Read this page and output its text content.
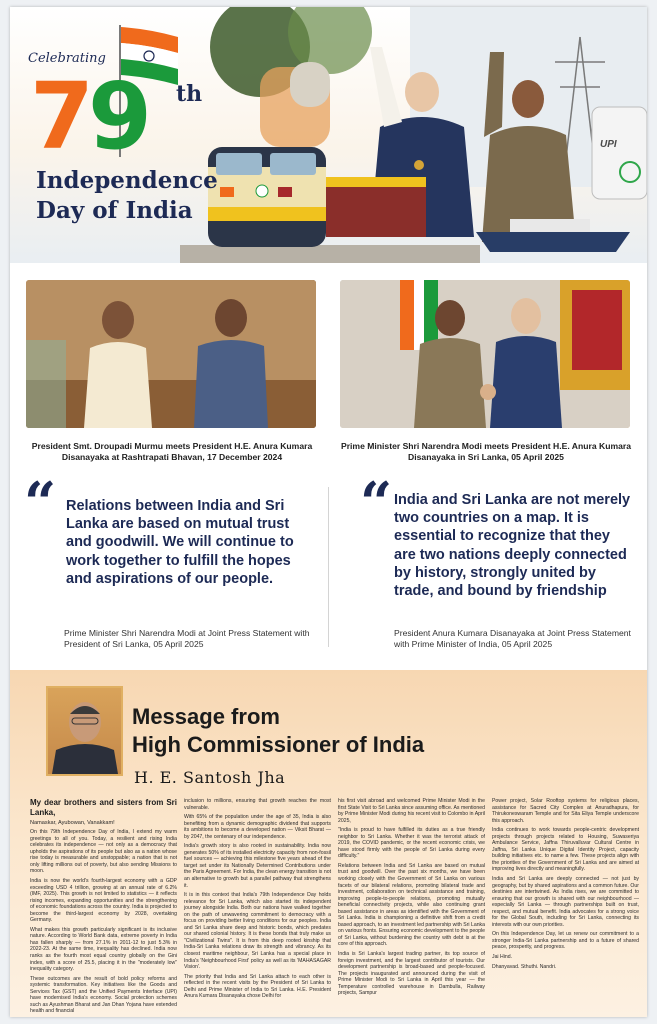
Celebrating
79 th
Independence
Day of India
UPI
President Smt. Droupadi Murmu meets President H.E. Anura Kumara Disanayaka at Rashtrapati Bhavan, 17 December 2024
Prime Minister Shri Narendra Modi meets President H.E. Anura Kumara Disanayaka in Sri Lanka, 05 April 2025
“ Relations between India and Sri Lanka are based on mutual trust and goodwill. We will continue to work together to fulfill the hopes and aspirations of our people.
Prime Minister Shri Narendra Modi at Joint Press Statement with President of Sri Lanka, 05 April 2025
“ India and Sri Lanka are not merely two countries on a map. It is essential to recognize that they are two nations deeply connected by history, strongly united by trade, and bound by friendship
President Anura Kumara Disanayaka at Joint Press Statement with Prime Minister of India, 05 April 2025
Message from
High Commissioner of India
H. E. Santosh Jha

My dear brothers and sisters from Sri Lanka,

Namaskar, Ayubowan, Vanakkam!

On this 79th Independence Day of India, I extend my warm greetings to all of you. Today, a resilient and rising India celebrates its independence — not only as a democracy that upholds the aspirations of its people but also as a nation whose rise today is measurable and unstoppable; a nation that is not only lifting millions out of poverty, but also sending Missions to moon.

India is now the world's fourth-largest economy with a GDP exceeding USD 4 trillion, growing at an annual rate of 6.2% (IMF, 2025). This growth is not limited to statistics — it reflects rising incomes, expanding opportunities and the strengthening of economic foundations across the country. India is projected to become the third-largest economy by 2028, overtaking Germany.

What makes this growth particularly significant is its inclusive nature. According to World Bank data, extreme poverty in India has fallen sharply — from 27.1% in 2011-12 to just 5.3% in 2022-23. At the same time, inequality has declined. India now ranks as the fourth most equal country globally on the Gini index, with a score of 25.5, placing it in the "moderately low" inequality category.

These outcomes are the result of bold policy reforms and systemic transformation. Key initiatives like the Goods and Services Tax (GST) and the Unified Payments Interface (UPI) have modernised India's economy. Social protection schemes such as Ayushman Bharat and Jan Dhan Yojana have extended health and financial

inclusion to millions, ensuring that growth reaches the most vulnerable.

With 65% of the population under the age of 35, India is also benefiting from a dynamic demographic dividend that supports its ambitions to become a developed nation — Viksit Bharat — by 2047, the centenary of our independence.

India's growth story is also rooted in sustainability. India now generates 50% of its installed electricity capacity from non-fossil fuel sources — achieving this milestone five years ahead of the target set under its Nationally Determined Contributions under the Paris Agreement. For India, the clean energy transition is not an alternative to growth but a parallel pathway that strengthens it.

It is in this context that India's 79th Independence Day holds relevance for Sri Lanka, which also started its independent journey alongside India. Both our nations have walked together on the path of unwavering commitment to democracy with a focus on providing better living conditions for our peoples. India and Sri Lanka share deep and historic bonds, which predates our shared colonial history. It is these bonds that truly make us "Civilizational Twins". It is from this deep rooted kinship that India-Sri Lanka relations draw its strength and vibrancy. As its closest maritime neighbour, Sri Lanka has a special place in India's 'Neighbourhood First' policy as well as its 'MAHASAGAR Vision'.

The priority that India and Sri Lanka attach to each other is reflected in the recent visits by the President of Sri Lanka to Delhi and Prime Minister of India to Sri Lanka. H.E. President Anura Kumara Disanayaka chose Delhi for

his first visit abroad and welcomed Prime Minister Modi in the first State Visit to Sri Lanka since assuming office. As mentioned by Prime Minister Modi during his recent visit to Colombo in April 2025,

"India is proud to have fulfilled its duties as a true friendly neighbor to Sri Lanka. Whether it was the terrorist attack of 2019, the COVID pandemic, or the recent economic crisis, we have stood firmly with the people of Sri Lanka during every difficulty."

Relations between India and Sri Lanka are based on mutual trust and goodwill. Over the past six months, we have been working closely with the Government of Sri Lanka on various facets of our bilateral relations, promoting bilateral trade and investment, collaboration on technical assistance and training, improving people-to-people relations, promoting mutually beneficial connectivity projects, while also continuing grant based assistance in areas as identified with the Government of Sri Lanka. India is championing a definitive shift from a credit based approach, to an investment led partnership with Sri Lanka on various fronts. Ensuring economic development to the people of Sri Lanka, without burdening the country with debt is at the core of this approach.

India is Sri Lanka's largest trading partner, its top source of foreign investment, and the largest contributor of tourists. Our development partnership is broad-based and people-focused. The projects inaugurated and announced during the visit of Prime Minister Modi to Sri Lanka in April this year — the Temperature controlled warehouse in Dambulla, Railway projects, Sampur

Power project, Solar Rooftop systems for religious places, assistance for Sacred City Complex at Anuradhapura, for Thirukoneswaram Temple and for Sita Eliya Temple underscore this approach.

India continues to work towards people-centric development projects through projects related to Housing, Suwaseriya Ambulance Service, Jaffna Thiruvalluvar Cultural Centre in Jaffna, Sri Lanka Unique Digital Identity Project, capacity building initiatives etc. to name a few. These projects align with the priorities of the Government of Sri Lanka and are aimed at improving lives directly and meaningfully.

India and Sri Lanka are deeply connected — not just by geography, but by shared aspirations and a common future. Our destinies are intertwined. As India rises, we are committed to ensuring that our growth is shared with our neighbourhood — especially Sri Lanka — through partnerships built on trust, respect, and mutual benefit. India advocates for a strong voice for the Global South, including for Sri Lanka, connecting its interests with our own priorities.

On this Independence Day, let us renew our commitment to a stronger India-Sri Lanka partnership and to a future of shared peace, prosperity, and progress.

Jai Hind.

Dhanyavad. Sthuthi. Nandri.
